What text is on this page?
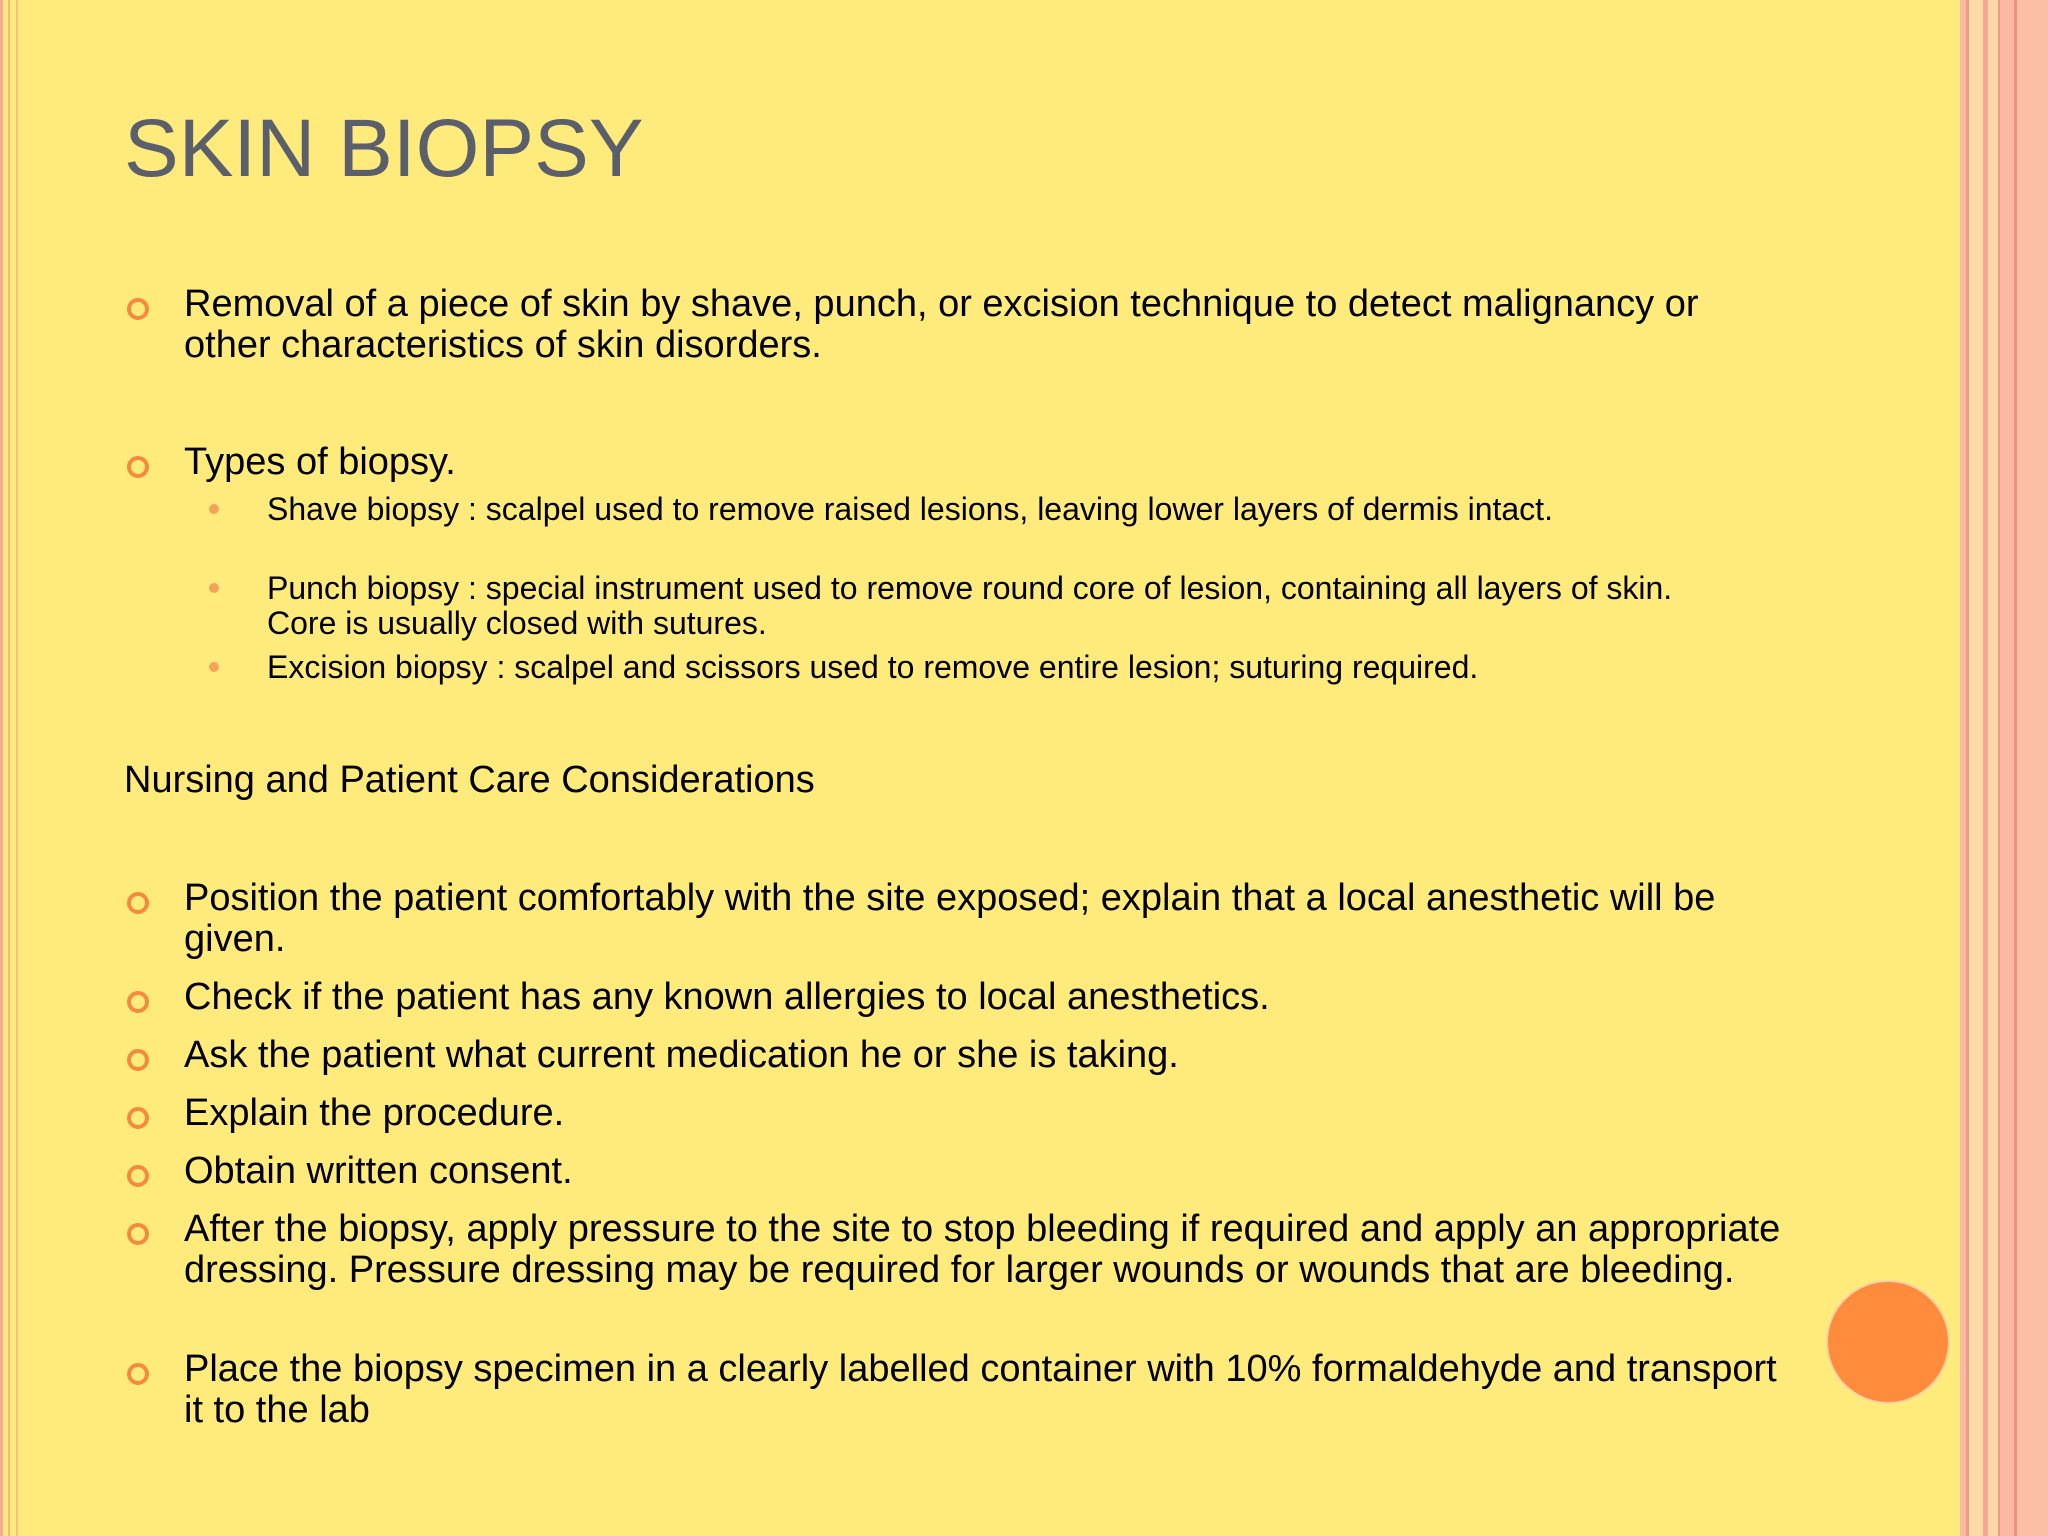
SKIN BIOPSY
Removal of a piece of skin by shave, punch, or excision technique to detect malignancy or other characteristics of skin disorders.
Types of biopsy.
Shave biopsy : scalpel used to remove raised lesions, leaving lower layers of dermis intact.
Punch biopsy : special instrument used to remove round core of lesion, containing all layers of skin. Core is usually closed with sutures.
Excision biopsy : scalpel and scissors used to remove entire lesion; suturing required.
Nursing and Patient Care Considerations
Position the patient comfortably with the site exposed; explain that a local anesthetic will be given.
Check if the patient has any known allergies to local anesthetics.
Ask the patient what current medication he or she is taking.
Explain the procedure.
Obtain written consent.
After the biopsy, apply pressure to the site to stop bleeding if required and apply an appropriate dressing. Pressure dressing may be required for larger wounds or wounds that are bleeding.
Place the biopsy specimen in a clearly labelled container with 10% formaldehyde and transport it to the lab
